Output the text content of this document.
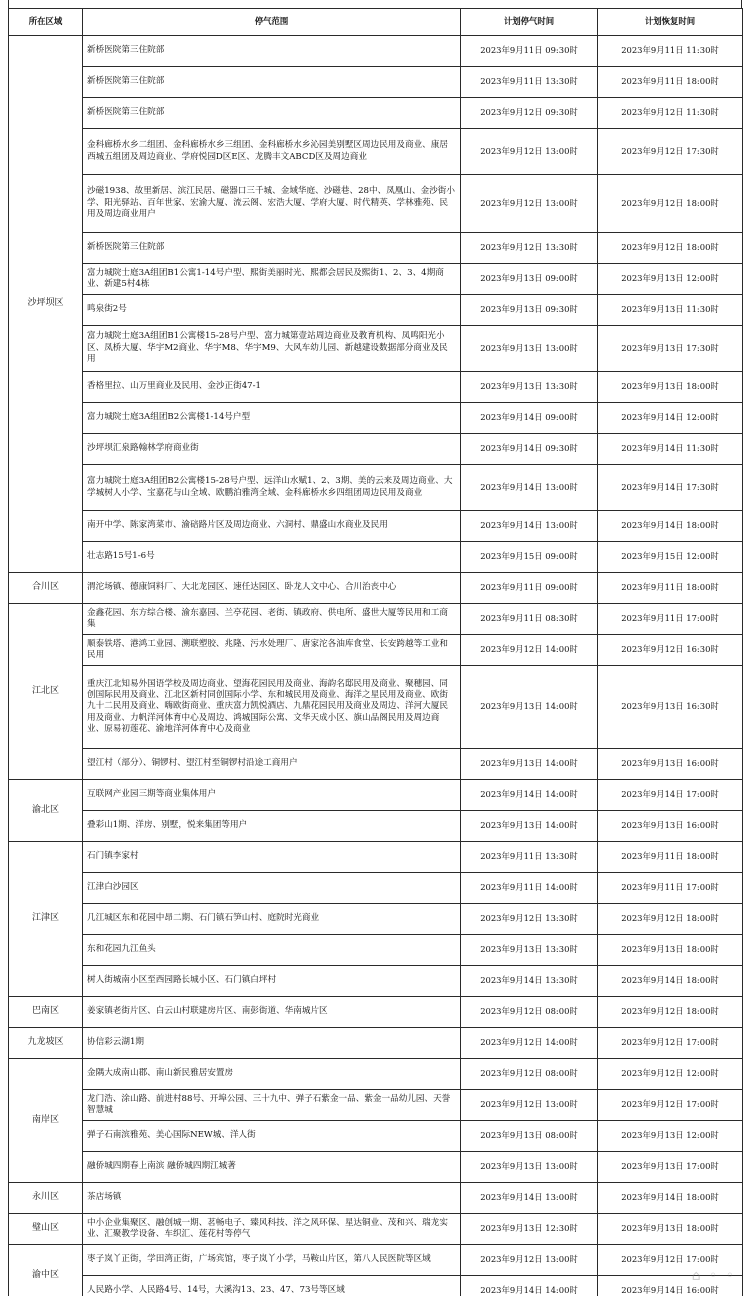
所在区域	停气范围	计划停气时间	计划恢复时间
沙坪坝区	新桥医院第三住院部	2023年9月11日 09:30时	2023年9月11日 11:30时
	新桥医院第三住院部	2023年9月11日 13:30时	2023年9月11日 18:00时
	新桥医院第三住院部	2023年9月12日 09:30时	2023年9月12日 11:30时
	金科廊桥水乡二组团、金科廊桥水乡三组团、金科廊桥水乡沁园美别墅区周边民用及商业、康居西城五组团及周边商业、学府悦园D区E区、龙腾丰文ABCD区及周边商业	2023年9月12日 13:00时	2023年9月12日 17:30时
	沙磁1938、故里新居、滨江民居、磁器口三千城、金域华庭、沙磁巷、28中、凤凰山、金沙街小学、阳光驿站、百年世家、宏渝大厦、流云阁、宏浩大厦、学府大厦、时代精英、学林雅苑、民用及周边商业用户	2023年9月12日 13:00时	2023年9月12日 18:00时
	新桥医院第三住院部	2023年9月12日 13:30时	2023年9月12日 18:00时
	富力城院士庭3A组团B1公寓1-14号户型、熙街美丽时光、熙都会居民及熙街1、2、3、4期商业、新建5村4栋	2023年9月13日 09:00时	2023年9月13日 12:00时
	鸣泉街2号	2023年9月13日 09:30时	2023年9月13日 11:30时
	富力城院士庭3A组团B1公寓楼15-28号户型、富力城第壹站周边商业及教育机构、凤鸣阳光小区、凤桥大厦、华宇M2商业、华宇M8、华宇M9、大风车幼儿园、新越建设数据部分商业及民用	2023年9月13日 13:00时	2023年9月13日 17:30时
	香格里拉、山万里商业及民用、金沙正街47-1	2023年9月13日 13:30时	2023年9月13日 18:00时
	富力城院士庭3A组团B2公寓楼1-14号户型	2023年9月14日 09:00时	2023年9月14日 12:00时
	沙坪坝汇泉路翰林学府商业街	2023年9月14日 09:30时	2023年9月14日 11:30时
	富力城院士庭3A组团B2公寓楼15-28号户型、远洋山水赋1、2、3期、美的云来及周边商业、大学城树人小学、宝嘉花与山全域、欧鹏泊雅湾全域、金科廊桥水乡四组团周边民用及商业	2023年9月14日 13:00时	2023年9月14日 17:30时
	南开中学、陈家湾菜市、渝碚路片区及周边商业、六洞村、鼎盛山水商业及民用	2023年9月14日 13:00时	2023年9月14日 18:00时
	壮志路15号1-6号	2023年9月15日 09:00时	2023年9月15日 12:00时
合川区	渭沱场镇、德康饲料厂、大北龙园区、速任达园区、卧龙人文中心、合川治丧中心	2023年9月11日 09:00时	2023年9月11日 18:00时
江北区	金鑫花园、东方综合楼、渝东嘉园、兰亭花园、老街、镇政府、供电所、盛世大厦等民用和工商集	2023年9月11日 08:30时	2023年9月11日 17:00时
	顺泰铁塔、港鸿工业园、溯联塑胶、兆隆、污水处理厂、唐家沱各油库食堂、长安跨越等工业和民用	2023年9月12日 14:00时	2023年9月12日 16:30时
	重庆江北知易外国语学校及周边商业、望海花园民用及商业、海韵名邸民用及商业、聚穗园、同创国际民用及商业、江北区新村同创国际小学、东和城民用及商业、海洋之星民用及商业、欧街九十二民用及商业、嗨欧街商业、重庆富力凯悦酒店、九鼎花园民用及商业及周边、洋河大厦民用及商业、力帆洋河体育中心及周边、鸿城国际公寓、文华天成小区、旗山品阁民用及周边商业、原易初莲花、渝地洋河体育中心及商业	2023年9月13日 14:00时	2023年9月13日 16:30时
	望江村（部分）、铜锣村、望江村至铜锣村沿途工商用户	2023年9月13日 14:00时	2023年9月13日 16:00时
渝北区	互联网产业园三期等商业集体用户	2023年9月14日 14:00时	2023年9月14日 17:00时
	叠彩山1期、洋房、别墅，悦来集团等用户	2023年9月13日 14:00时	2023年9月13日 16:00时
江津区	石门镇李家村	2023年9月11日 13:30时	2023年9月11日 18:00时
	江津白沙园区	2023年9月11日 14:00时	2023年9月11日 17:00时
	几江城区东和花园中昂二期、石门镇石笋山村、庭院时光商业	2023年9月12日 13:30时	2023年9月12日 18:00时
	东和花园九江鱼头	2023年9月13日 13:30时	2023年9月13日 18:00时
	树人街城南小区至西园路长城小区、石门镇白坪村	2023年9月14日 13:30时	2023年9月14日 18:00时
巴南区	姜家镇老街片区、白云山村联建房片区、南彭街道、华南城片区	2023年9月12日 08:00时	2023年9月12日 18:00时
九龙坡区	协信彩云湖1期	2023年9月12日 14:00时	2023年9月12日 17:00时
南岸区	金隅大成南山郡、南山新民雅居安置房	2023年9月12日 08:00时	2023年9月12日 12:00时
	龙门浩、涂山路、前进村88号、开埠公园、三十九中、弹子石紫金一品、紫金一品幼儿园、天誉智慧城	2023年9月12日 13:00时	2023年9月12日 17:00时
	弹子石南滨雅苑、美心国际NEW城、洋人街	2023年9月13日 08:00时	2023年9月13日 12:00时
	融侨城四期春上南滨 融侨城四期江城著	2023年9月13日 13:00时	2023年9月13日 17:00时
永川区	茶店场镇	2023年9月14日 13:00时	2023年9月14日 18:00时
璧山区	中小企业集聚区、融创城一期、茗畅电子、臻风科技、洋之风环保、星达铜业、茂和兴、瑞龙实业、汇聚教学设备、车织汇、莲花村等停气	2023年9月13日 12:30时	2023年9月13日 18:00时
渝中区	枣子岚丫正街，学田湾正街，广场宾馆，枣子岚丫小学，马鞍山片区，第八人民医院等区域	2023年9月12日 13:00时	2023年9月12日 17:00时
	人民路小学、人民路4号、14号，大溪沟13、23、47、73号等区域	2023年9月14日 14:00时	2023年9月14日 16:00时
⌂ ◦ ◦
